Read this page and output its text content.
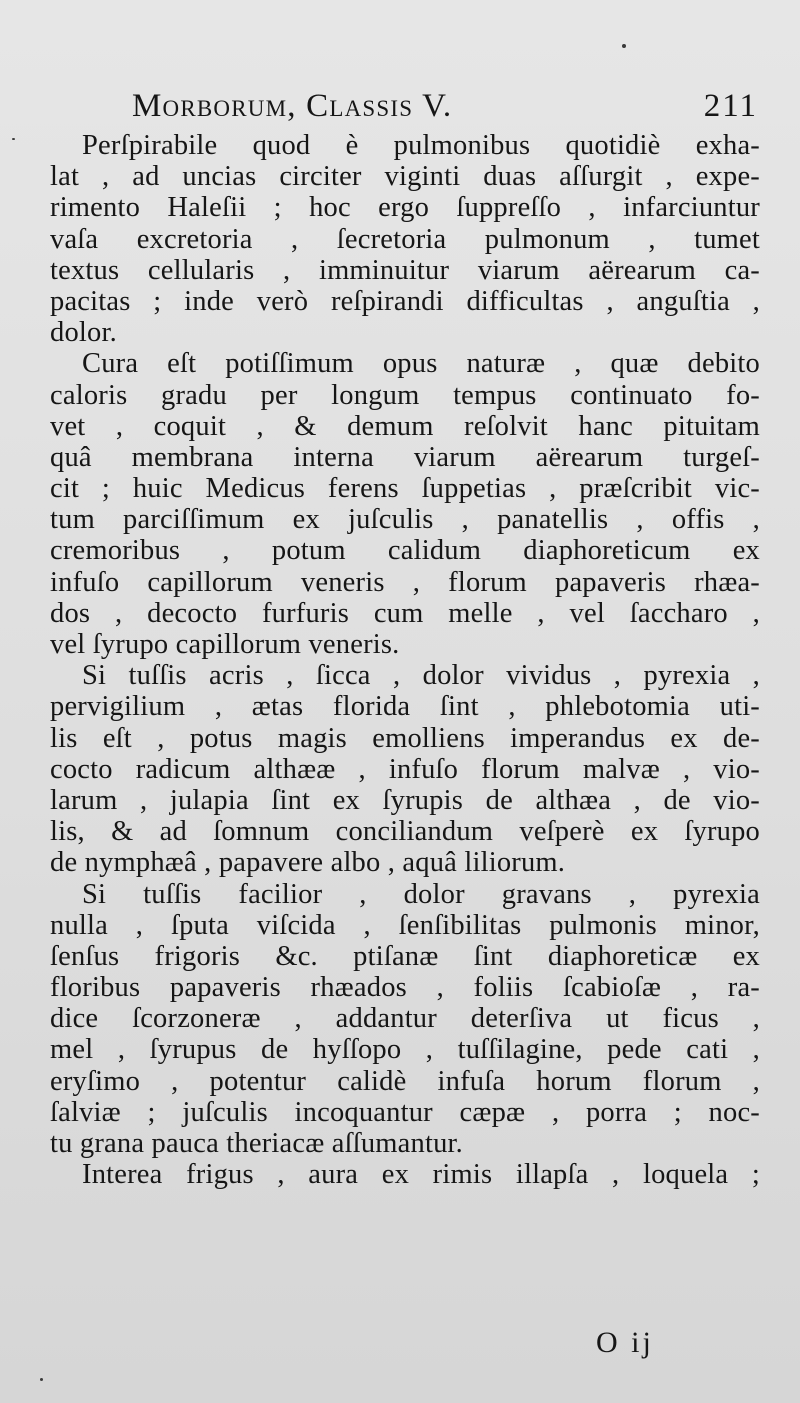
Morborum, Classis V.	211
Perſpirabile quod è pulmonibus quotidiè exha-
lat , ad uncias circiter viginti duas aſſurgit , expe-
rimento Haleſii ; hoc ergo ſuppreſſo , infarciuntur
vaſa excretoria , ſecretoria pulmonum , tumet
textus cellularis , imminuitur viarum aërearum ca-
pacitas ; inde verò reſpirandi difficultas , anguſtia ,
dolor.
Cura eſt potiſſimum opus naturæ , quæ debito
caloris gradu per longum tempus continuato fo-
vet , coquit , & demum reſolvit hanc pituitam
quâ membrana interna viarum aërearum turgeſ-
cit ; huic Medicus ferens ſuppetias , præſcribit vic-
tum parciſſimum ex juſculis , panatellis , offis ,
cremoribus , potum calidum diaphoreticum ex
infuſo capillorum veneris , florum papaveris rhæa-
dos , decocto furfuris cum melle , vel ſaccharo ,
vel ſyrupo capillorum veneris.
Si tuſſis acris , ſicca , dolor vividus , pyrexia ,
pervigilium , ætas florida ſint , phlebotomia uti-
lis eſt , potus magis emolliens imperandus ex de-
cocto radicum althææ , infuſo florum malvæ , vio-
larum , julapia ſint ex ſyrupis de althæa , de vio-
lis, & ad ſomnum conciliandum veſperè ex ſyrupo
de nymphæâ , papavere albo , aquâ liliorum.
Si tuſſis facilior , dolor gravans , pyrexia
nulla , ſputa viſcida , ſenſibilitas pulmonis minor,
ſenſus frigoris &c. ptiſanæ ſint diaphoreticæ ex
floribus papaveris rhæados , foliis ſcabioſæ , ra-
dice ſcorzoneræ , addantur deterſiva ut ficus ,
mel , ſyrupus de hyſſopo , tuſſilagine, pede cati ,
eryſimo , potentur calidè infuſa horum florum ,
ſalviæ ; juſculis incoquantur cæpæ , porra ; noc-
tu grana pauca theriacæ aſſumantur.
Interea frigus , aura ex rimis illapſa , loquela ;
O ij
